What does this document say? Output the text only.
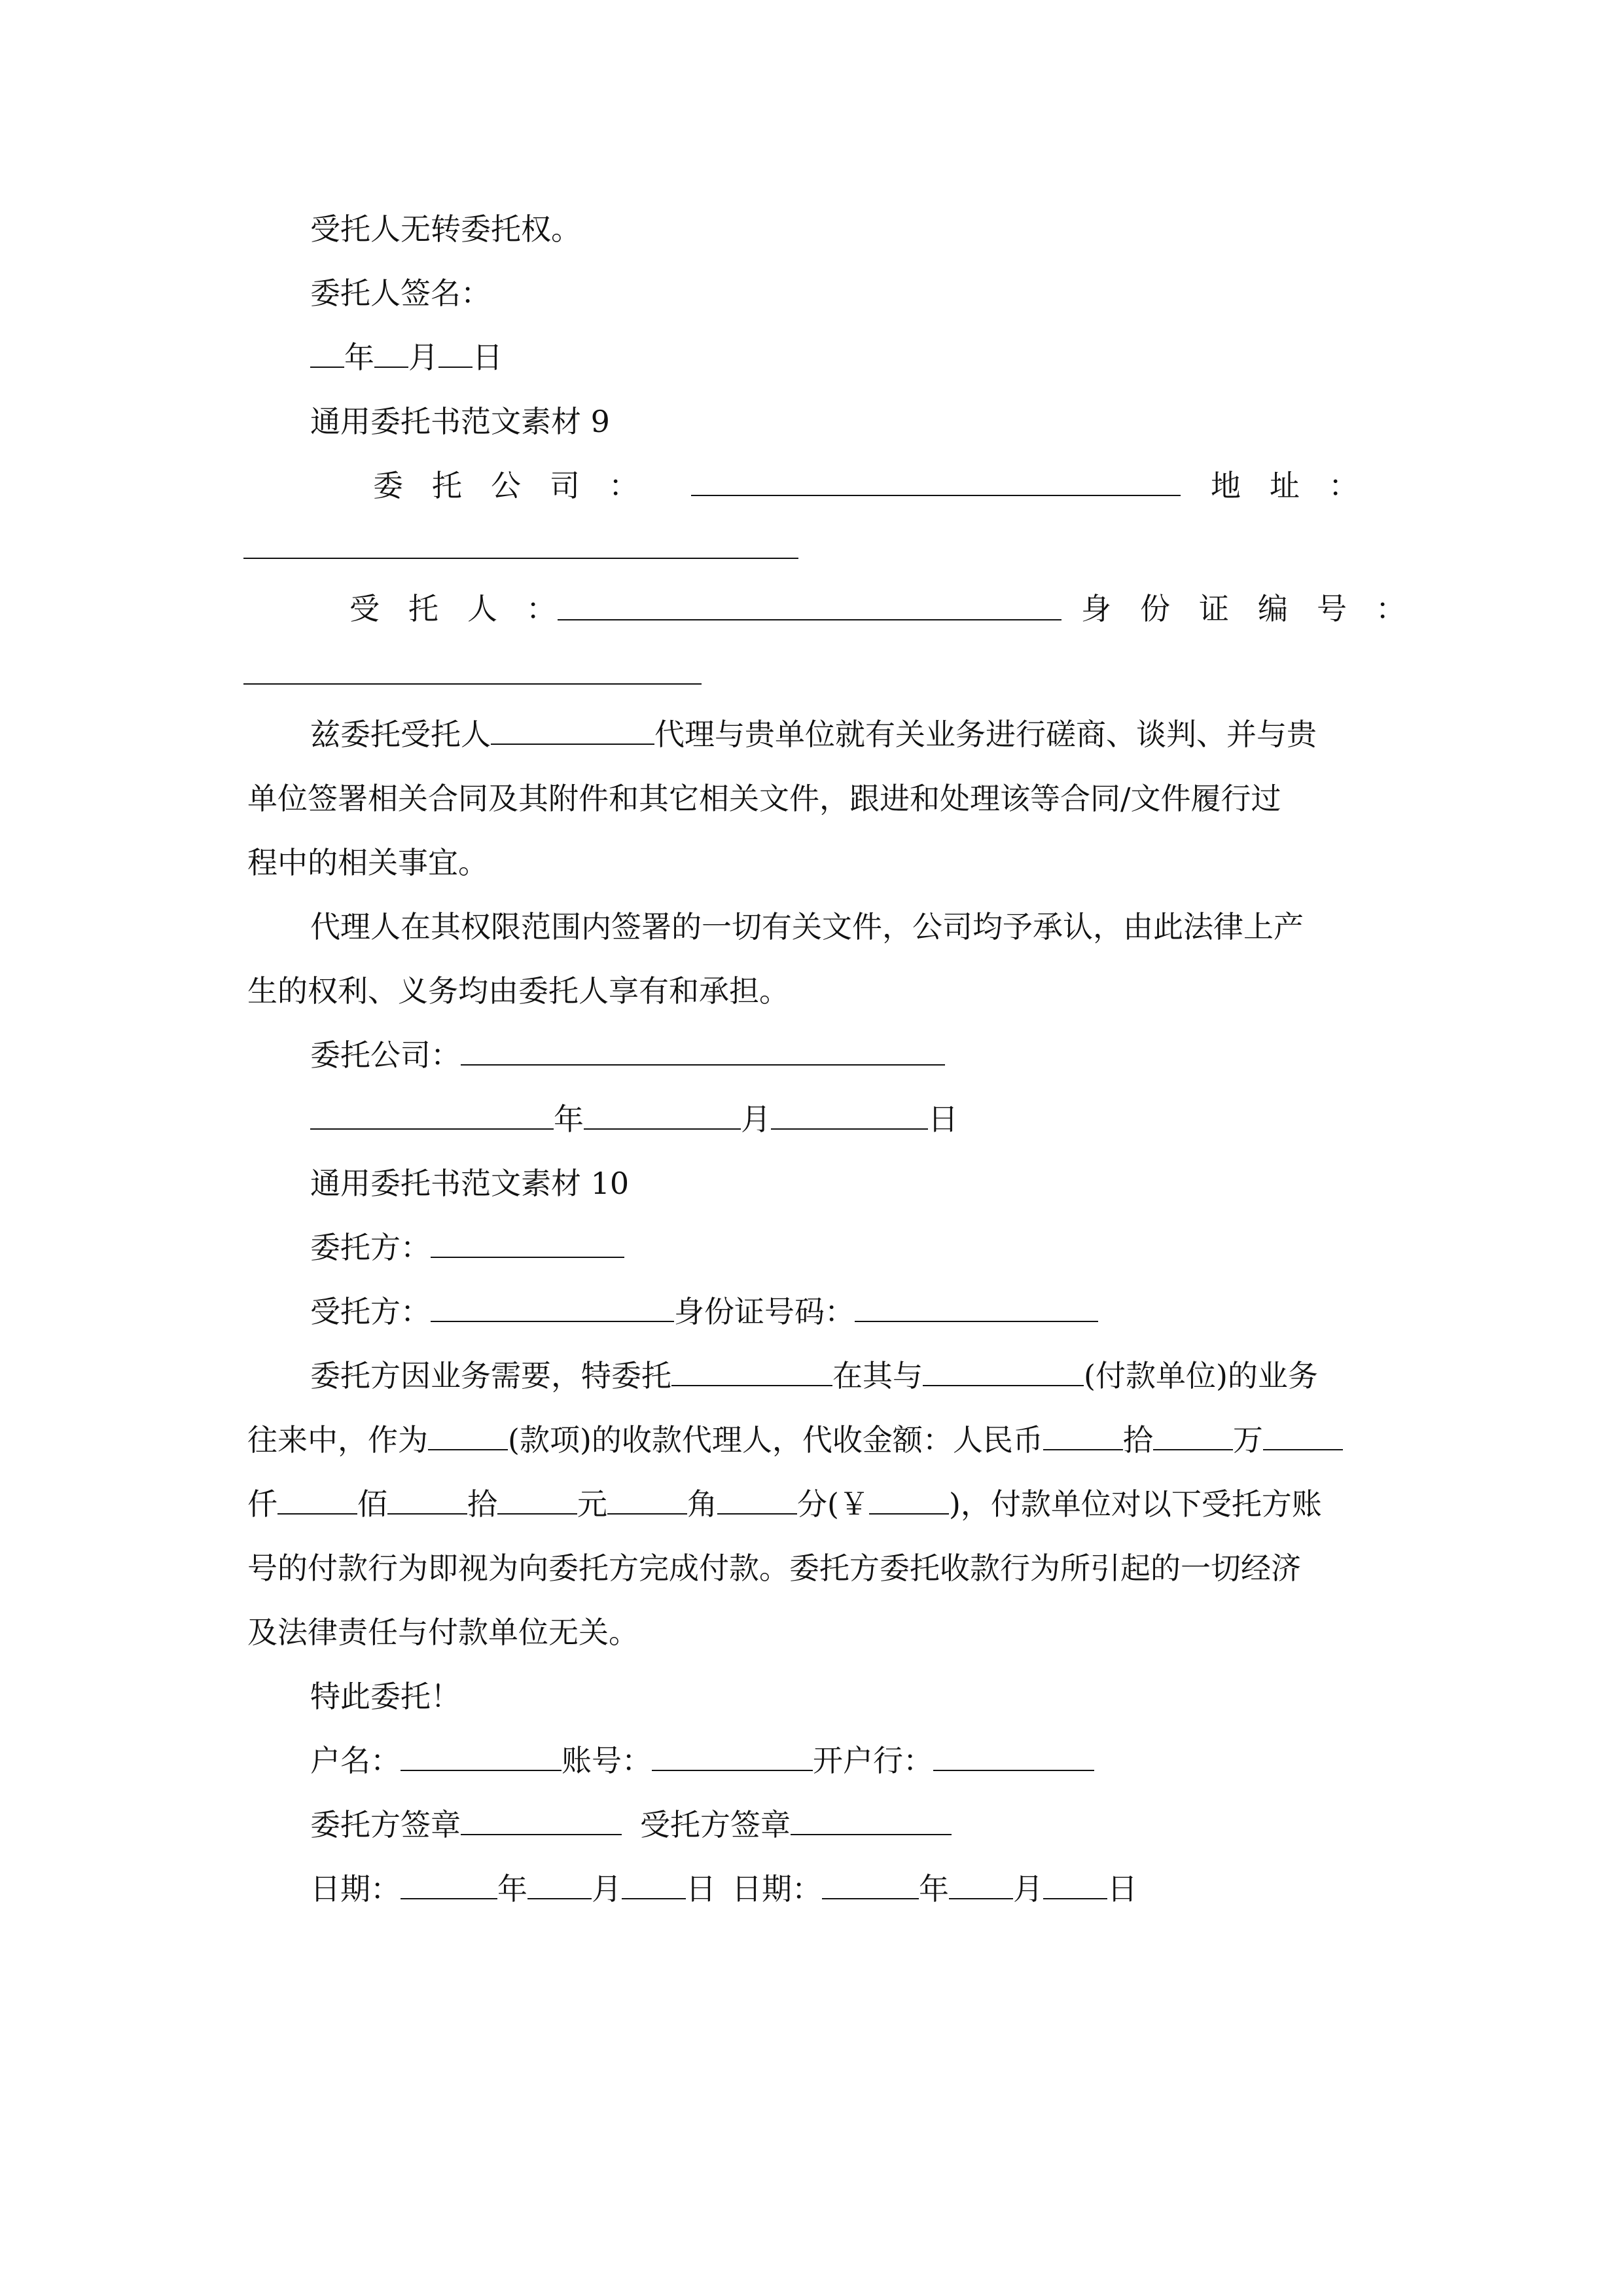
受托人无转委托权。
委托人签名：
年 月 日
通用委托书范文素材 9
委托公司：	地址：
受托人：	身份证编号：
兹委托受托人	代理与贵单位就有关业务进行磋商、谈判、并与贵
单位签署相关合同及其附件和其它相关文件，跟进和处理该等合同/文件履行过
程中的相关事宜。
代理人在其权限范围内签署的一切有关文件，公司均予承认，由此法律上产
生的权利、义务均由委托人享有和承担。
委托公司：
年	月	日
通用委托书范文素材 10
委托方：
受托方：	身份证号码：
委托方因业务需要，特委托	在其与	(付款单位)的业务
往来中，作为	(款项)的收款代理人，代收金额：人民币	拾	万
仟	佰	拾	元	角	分(￥	)，付款单位对以下受托方账
号的付款行为即视为向委托方完成付款。委托方委托收款行为所引起的一切经济
及法律责任与付款单位无关。
特此委托！
户名：	账号：	开户行：
委托方签章	受托方签章
日期：	年 月 日 日期：	年 月 日
